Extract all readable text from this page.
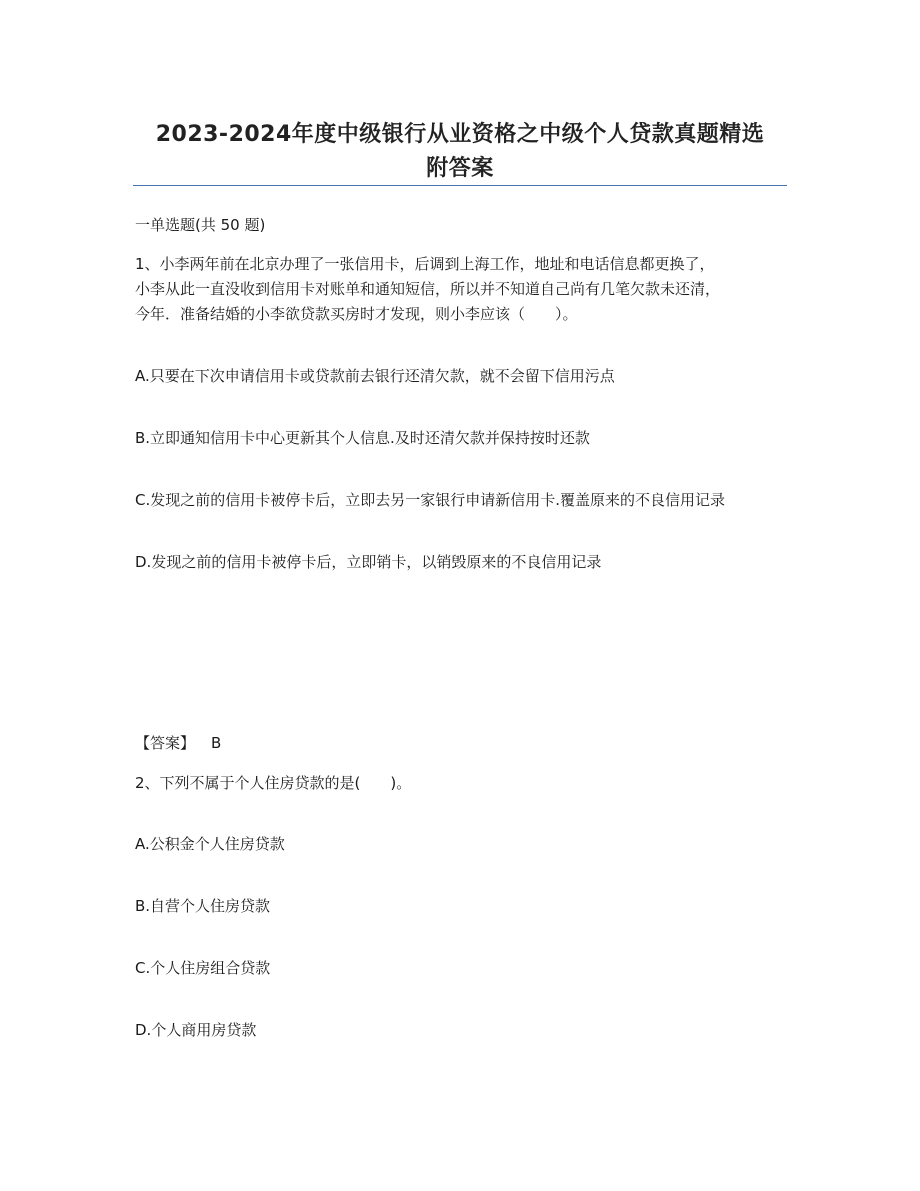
2023-2024年度中级银行从业资格之中级个人贷款真题精选
附答案
一单选题(共 50 题)
1、小李两年前在北京办理了一张信用卡，后调到上海工作，地址和电话信息都更换了，
小李从此一直没收到信用卡对账单和通知短信，所以并不知道自己尚有几笔欠款未还清，
今年．准备结婚的小李欲贷款买房时才发现，则小李应该（　　）。
A.只要在下次申请信用卡或贷款前去银行还清欠款，就不会留下信用污点
B.立即通知信用卡中心更新其个人信息.及时还清欠款并保持按时还款
C.发现之前的信用卡被停卡后，立即去另一家银行申请新信用卡.覆盖原来的不良信用记录
D.发现之前的信用卡被停卡后，立即销卡，以销毁原来的不良信用记录
【答案】 B
2、下列不属于个人住房贷款的是(　　)。
A.公积金个人住房贷款
B.自营个人住房贷款
C.个人住房组合贷款
D.个人商用房贷款
